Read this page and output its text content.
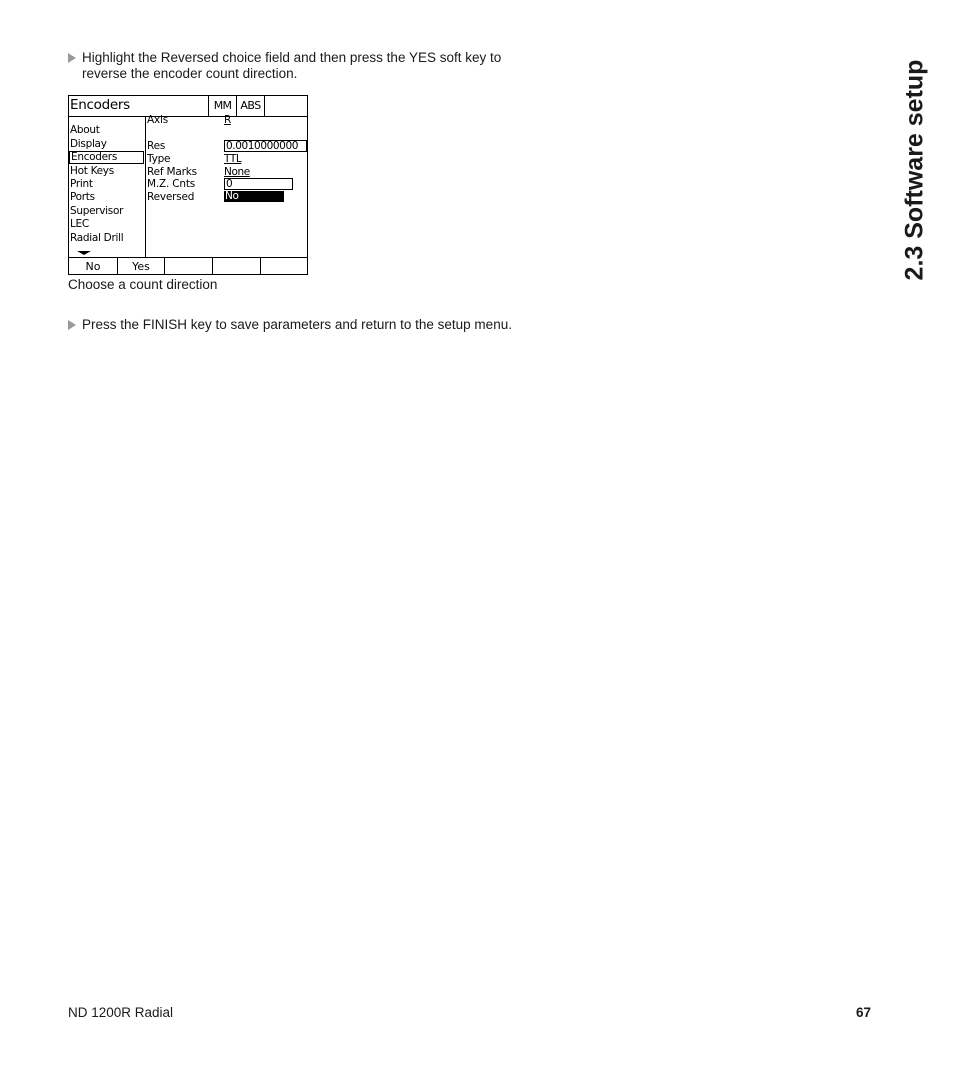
Highlight the Reversed choice field and then press the YES soft key to reverse the encoder count direction.
Encoders	MM ABS
About
Display
Encoders
Hot Keys
Print
Ports
Supervisor
LEC
Radial Drill
Axis	R
Res	0.0010000000
Type	TTL
Ref Marks	None
M.Z. Cnts	0
Reversed	No
No	Yes
Choose a count direction
Press the FINISH key to save parameters and return to the setup menu.
2.3 Software setup
ND 1200R Radial	67
